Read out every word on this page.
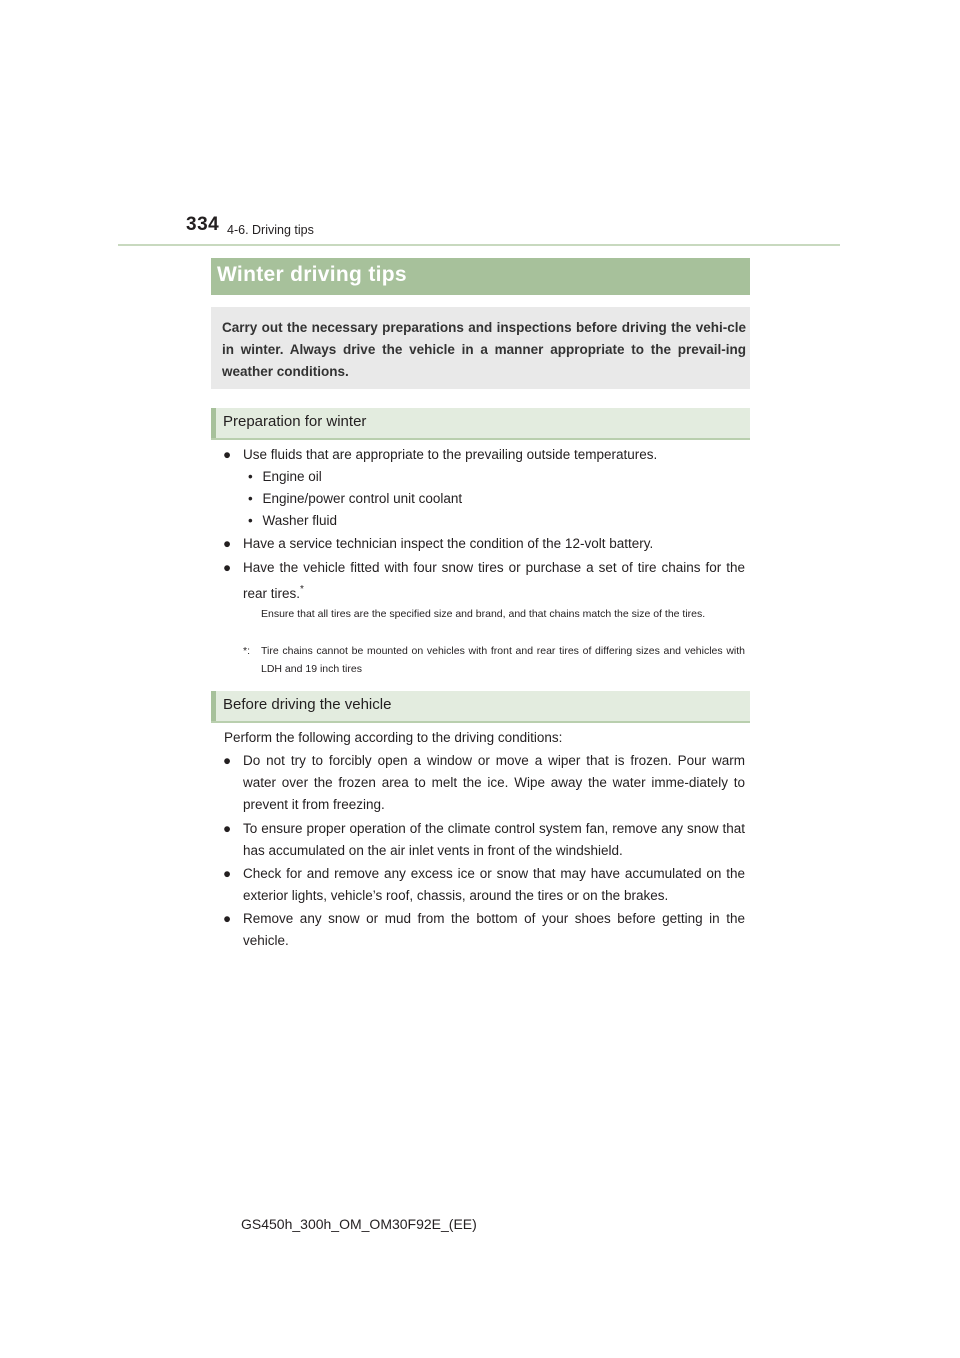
334 4-6. Driving tips
Winter driving tips
Carry out the necessary preparations and inspections before driving the vehi-cle in winter. Always drive the vehicle in a manner appropriate to the prevail-ing weather conditions.
Preparation for winter
● Use fluids that are appropriate to the prevailing outside temperatures.
• Engine oil
• Engine/power control unit coolant
• Washer fluid
● Have a service technician inspect the condition of the 12-volt battery.
● Have the vehicle fitted with four snow tires or purchase a set of tire chains for the rear tires.*
Ensure that all tires are the specified size and brand, and that chains match the size of the tires.
*: Tire chains cannot be mounted on vehicles with front and rear tires of differing sizes and vehicles with LDH and 19 inch tires
Before driving the vehicle
Perform the following according to the driving conditions:
● Do not try to forcibly open a window or move a wiper that is frozen. Pour warm water over the frozen area to melt the ice. Wipe away the water imme-diately to prevent it from freezing.
● To ensure proper operation of the climate control system fan, remove any snow that has accumulated on the air inlet vents in front of the windshield.
● Check for and remove any excess ice or snow that may have accumulated on the exterior lights, vehicle’s roof, chassis, around the tires or on the brakes.
● Remove any snow or mud from the bottom of your shoes before getting in the vehicle.
GS450h_300h_OM_OM30F92E_(EE)
